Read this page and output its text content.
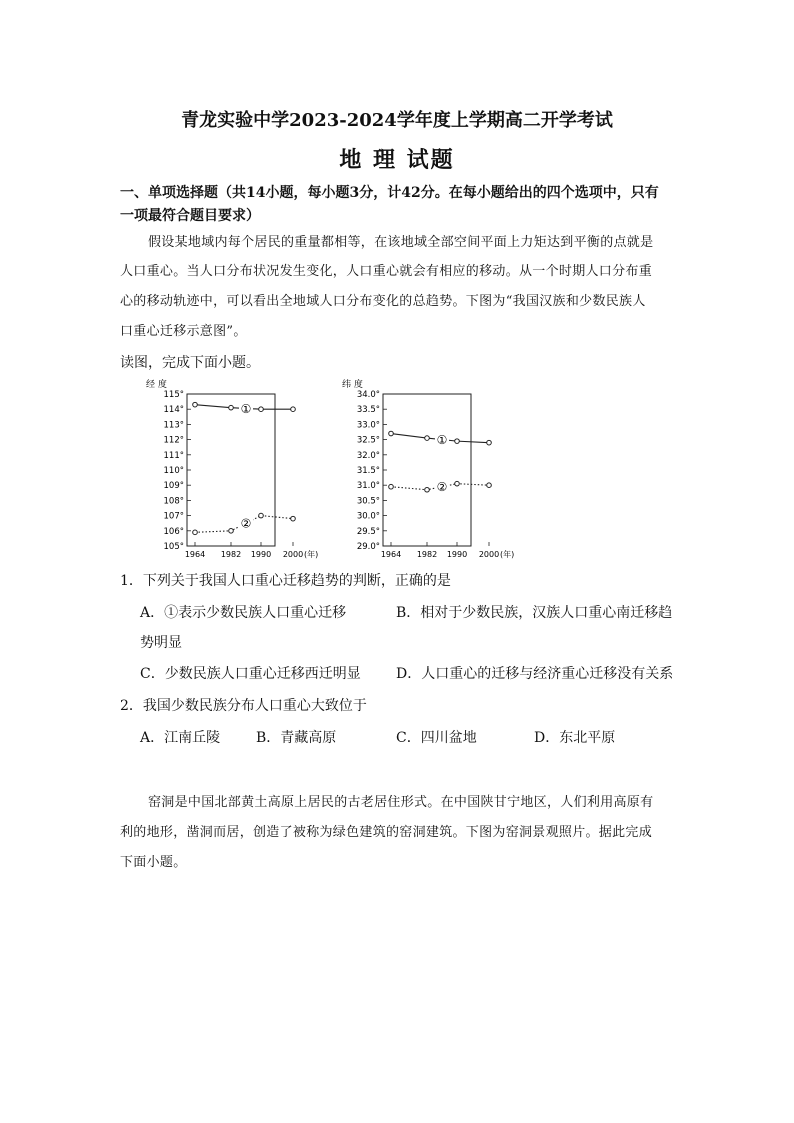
青龙实验中学2023-2024学年度上学期高二开学考试
地 理 试题
一、单项选择题（共14小题，每小题3分，计42分。在每小题给出的四个选项中，只有
一项最符合题目要求）
假设某地域内每个居民的重量都相等，在该地域全部空间平面上力矩达到平衡的点就是
人口重心。当人口分布状况发生变化，人口重心就会有相应的移动。从一个时期人口分布重
心的移动轨迹中，可以看出全地域人口分布变化的总趋势。下图为“我国汉族和少数民族人
口重心迁移示意图”。
读图，完成下面小题。
经 度
115°
114°
113°
112°
111°
110°
109°
108°
107°
106°
105°
1964 1982 1990 2000 (年)
①
②
纬 度
34.0°
33.5°
33.0°
32.5°
32.0°
31.5°
31.0°
30.5°
30.0°
29.5°
29.0°
1964 1982 1990 2000 (年)
①
②
1．下列关于我国人口重心迁移趋势的判断，正确的是
A．①表示少数民族人口重心迁移	B．相对于少数民族，汉族人口重心南迁移趋
势明显
C．少数民族人口重心迁移西迁明显	D．人口重心的迁移与经济重心迁移没有关系
2．我国少数民族分布人口重心大致位于
A．江南丘陵	B．青藏高原	C．四川盆地	D．东北平原
窑洞是中国北部黄土高原上居民的古老居住形式。在中国陕甘宁地区，人们利用高原有
利的地形，凿洞而居，创造了被称为绿色建筑的窑洞建筑。下图为窑洞景观照片。据此完成
下面小题。
